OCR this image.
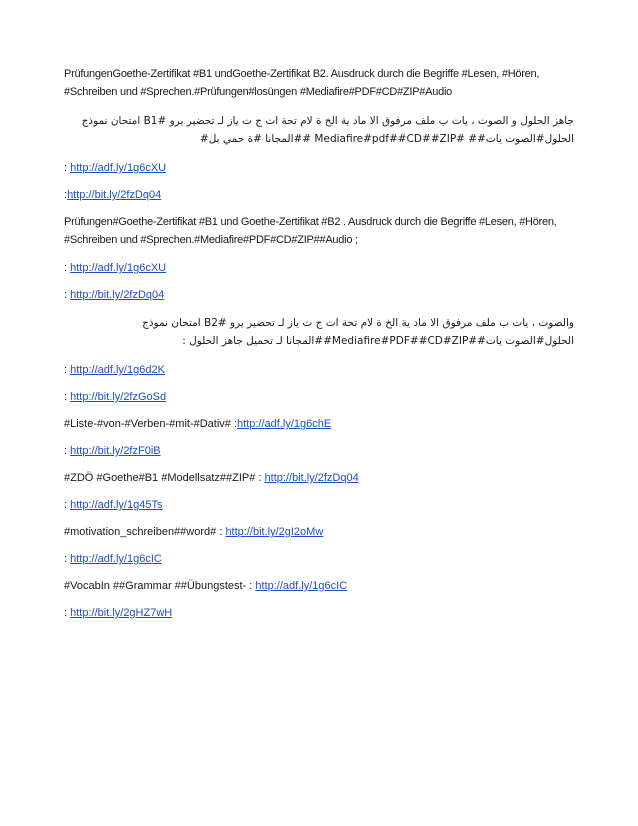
PrüfungenGoethe-Zertifikat #B1 undGoethe-Zertifikat B2. Ausdruck durch die Begriffe #Lesen, #Hören, #Schreiben und #Sprechen.#Prüfungen#losüngen #Mediafire#PDF#CD#ZIP#Audio

جاهز الحلول و الصوت ، يات ب ملف مرفوق الا ماد ية الخ ة لام تحة ات ج ت ياز لـ تحضير يرو #B1 امتحان نموذج
الحلول#الصوت يات## #Mediafire#pdf##CD##ZIP ##المجانا #ة حمي بل#

: http://adf.ly/1g6cXU

:http://bit.ly/2fzDq04

Prüfungen#Goethe-Zertifikat #B1 und Goethe-Zertifikat #B2 . Ausdruck durch die Begriffe #Lesen, #Hören, #Schreiben und #Sprechen.#Mediafire#PDF#CD#ZIP##Audio ;

: http://adf.ly/1g6cXU

: http://bit.ly/2fzDq04

والصوت ، يات ب ملف مرفوق الا ماد ية الخ ة لام تحة ات ج ت ياز لـ تحضير يرو #B2 امتحان نموذج
الحلول#الصوت يات##Mediafire#PDF##CD#ZIP##المجانا لـ تحميل جاهز الحلول :

: http://adf.ly/1g6d2K

: http://bit.ly/2fzGoSd

#Liste-#von-#Verben-#mit-#Dativ# :http://adf.ly/1g6chE

: http://bit.ly/2fzF0iB

#ZDÖ #Goethe#B1 #Modellsatz##ZIP# : http://bit.ly/2fzDq04

: http://adf.ly/1g45Ts

#motivation_schreiben##word# : http://bit.ly/2gI2oMw

: http://adf.ly/1g6cIC

#VocabIn ##Grammar ##Übungstest- : http://adf.ly/1g6cIC

: http://bit.ly/2gHZ7wH
